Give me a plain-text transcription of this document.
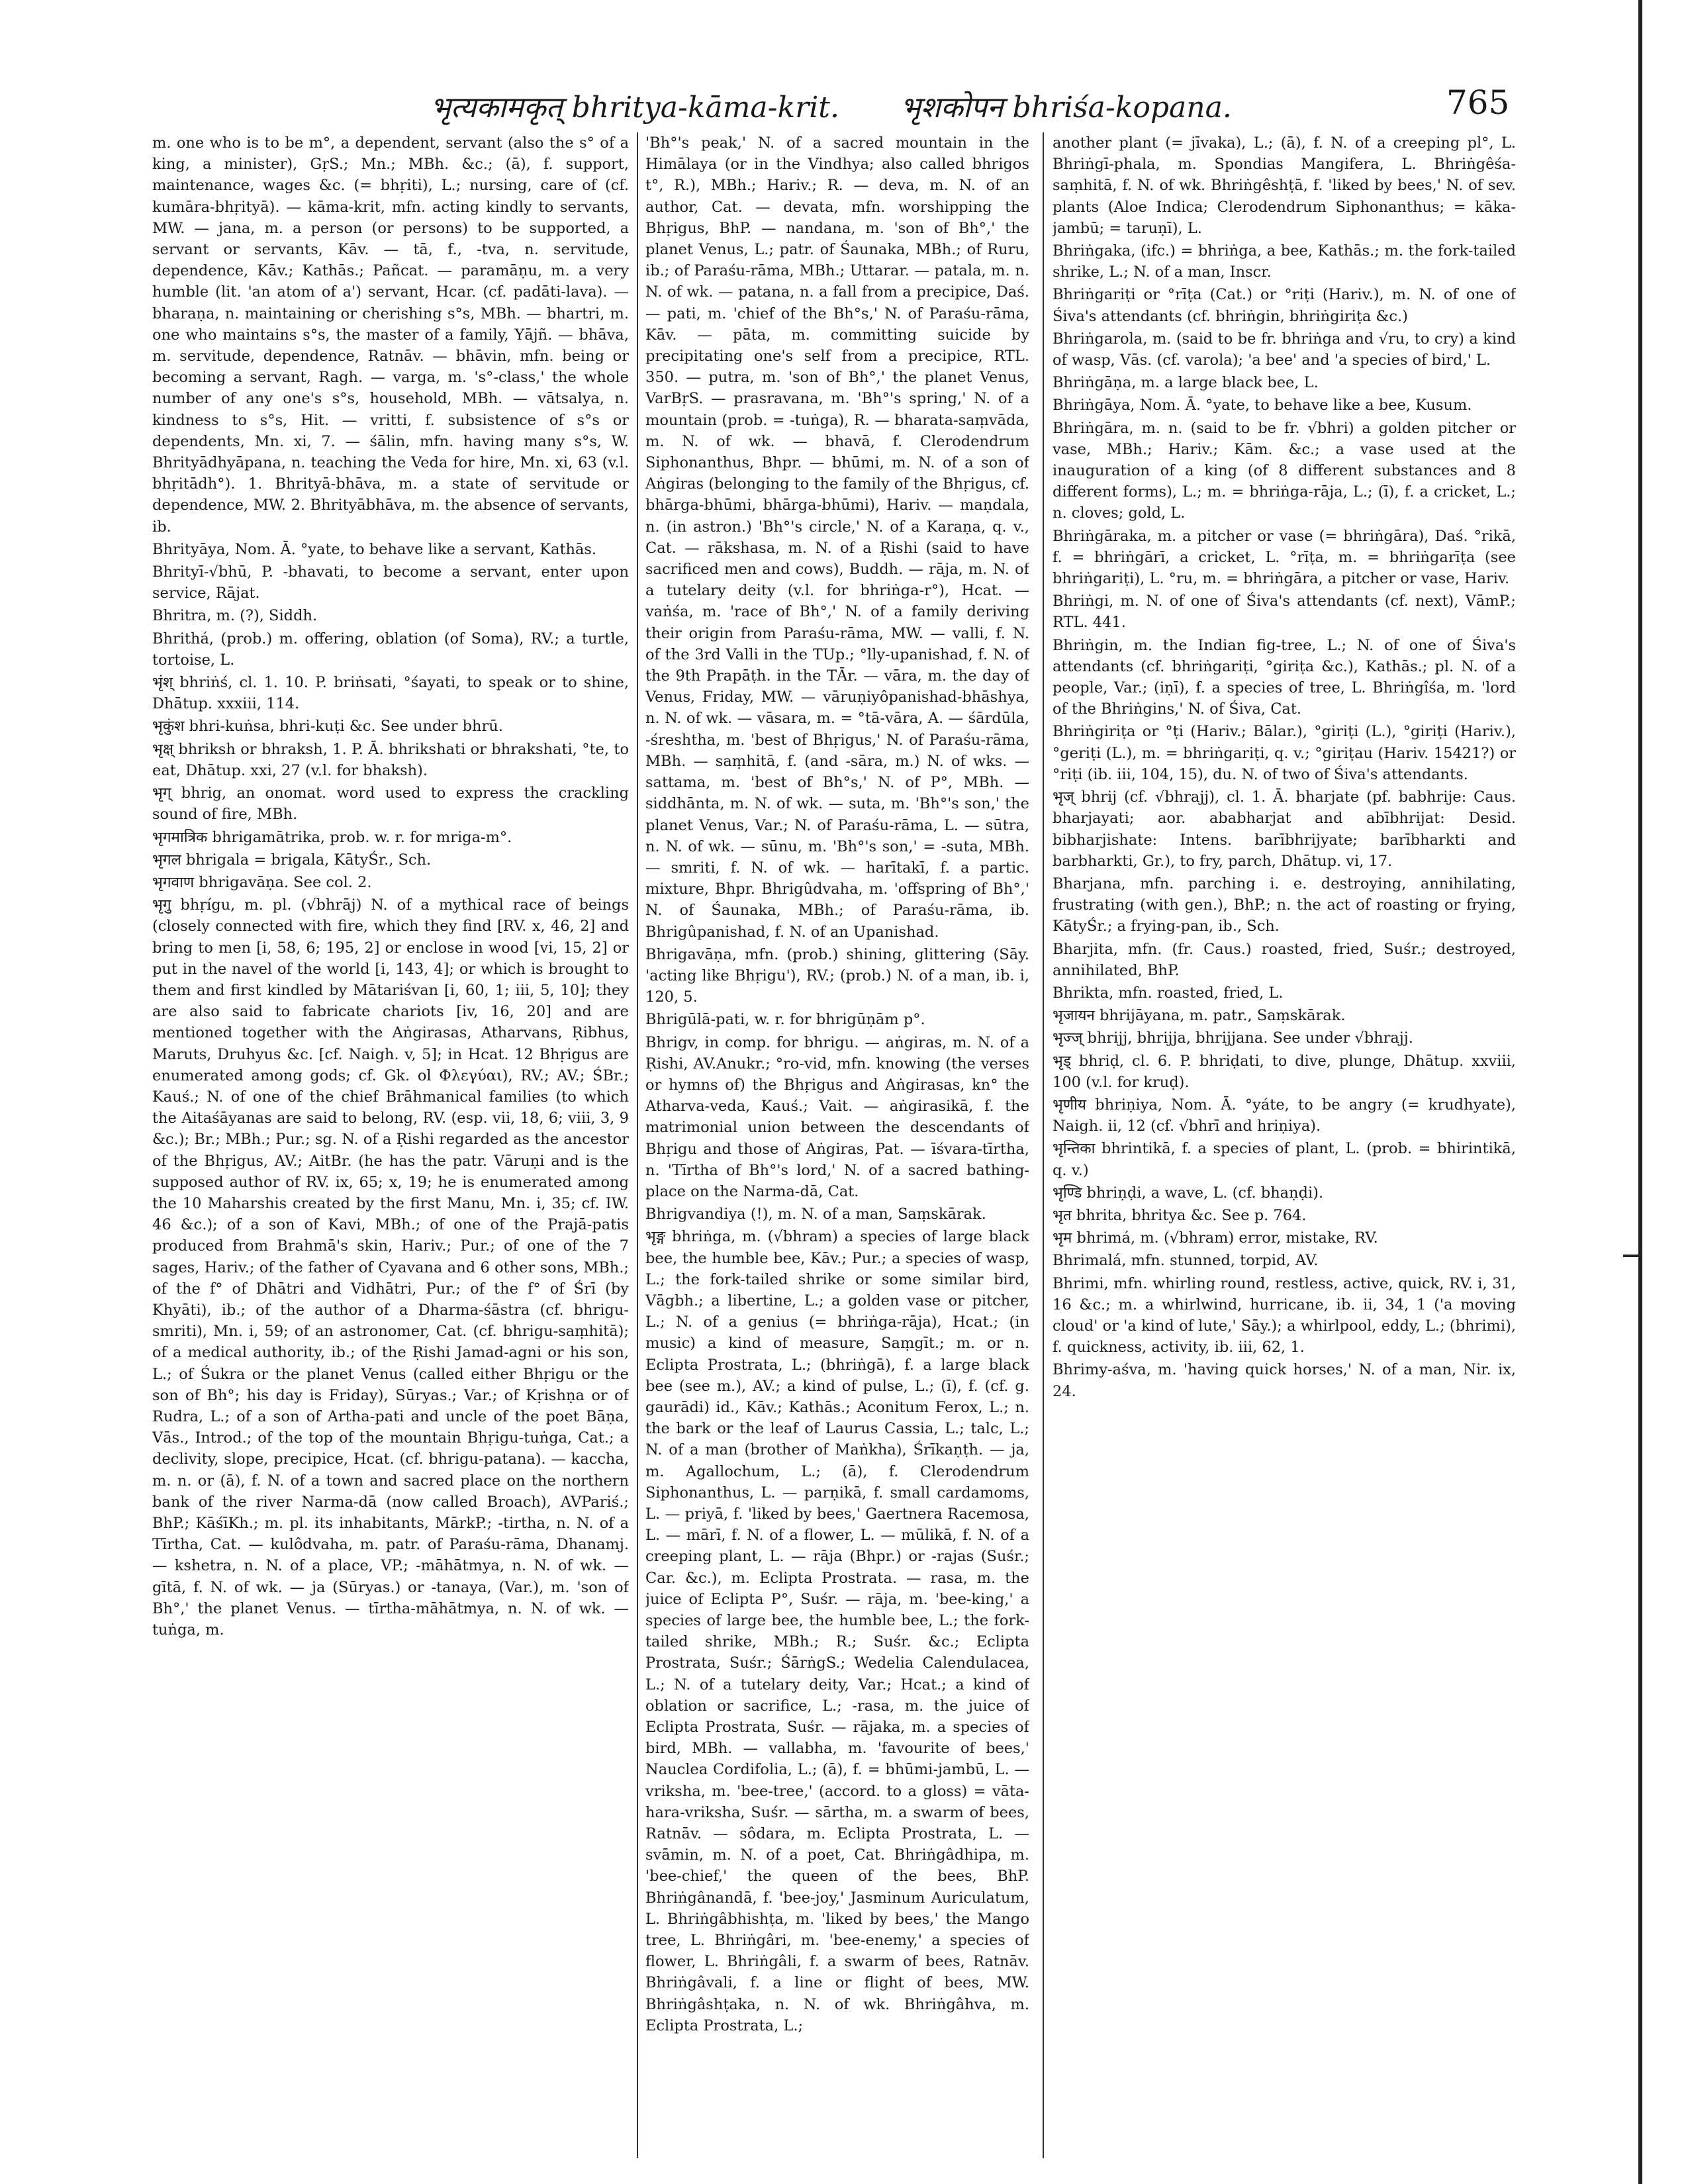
भृत्यकामकृत् bhritya-kāma-krit. भृशकोपन bhriśa-kopana.	765

m. one who is to be m°, a dependent, servant (also the s° of a king, a minister), GṛS.; Mn.; MBh. &c.; (ā), f. support, maintenance, wages &c. (= bhṛiti), L.; nursing, care of (cf. kumāra-bhṛityā). — kāma-krit, mfn. acting kindly to servants, MW. — jana, m. a person (or persons) to be supported, a servant or servants, Kāv. — tā, f., -tva, n. servitude, dependence, Kāv.; Kathās.; Pañcat. — paramāṇu, m. a very humble (lit. 'an atom of a') servant, Hcar. (cf. padāti-lava). — bharaṇa, n. maintaining or cherishing s°s, MBh. — bhartri, m. one who maintains s°s, the master of a family, Yājñ. — bhāva, m. servitude, dependence, Ratnāv. — bhāvin, mfn. being or becoming a servant, Ragh. — varga, m. 's°-class,' the whole number of any one's s°s, household, MBh. — vātsalya, n. kindness to s°s, Hit. — vritti, f. subsistence of s°s or dependents, Mn. xi, 7. — śālin, mfn. having many s°s, W. Bhrityādhyāpana, n. teaching the Veda for hire, Mn. xi, 63 (v.l. bhṛitādh°). 1. Bhrityā-bhāva, m. a state of servitude or dependence, MW. 2. Bhrityābhāva, m. the absence of servants, ib.

Bhrityāya, Nom. Ā. °yate, to behave like a servant, Kathās.

Bhrityī-√bhū, P. -bhavati, to become a servant, enter upon service, Rājat.

Bhritra, m. (?), Siddh.

Bhrithá, (prob.) m. offering, oblation (of Soma), RV.; a turtle, tortoise, L.

भृंश् bhriṅś, cl. 1. 10. P. briṅsati, °śayati, to speak or to shine, Dhātup. xxxiii, 114.

भृकुंश bhri-kuṅsa, bhri-kuṭi &c. See under bhrū.

भृक्ष् bhriksh or bhraksh, 1. P. Ā. bhrikshati or bhrakshati, °te, to eat, Dhātup. xxi, 27 (v.l. for bhaksh).

भृग् bhrig, an onomat. word used to express the crackling sound of fire, MBh.

भृगमात्रिक bhrigamātrika, prob. w. r. for mriga-m°.

भृगल bhrigala = brigala, KātyŚr., Sch.

भृगवाण bhrigavāṇa. See col. 2.

भृगु bhṛígu, m. pl. (√bhrāj) N. of a mythical race of beings (closely connected with fire, which they find [RV. x, 46, 2] and bring to men [i, 58, 6; 195, 2] or enclose in wood [vi, 15, 2] or put in the navel of the world [i, 143, 4]; or which is brought to them and first kindled by Mātariśvan [i, 60, 1; iii, 5, 10]; they are also said to fabricate chariots [iv, 16, 20] and are mentioned together with the Aṅgirasas, Atharvans, Ṛibhus, Maruts, Druhyus &c. [cf. Naigh. v, 5]; in Hcat. 12 Bhṛigus are enumerated among gods; cf. Gk. ol Φλεγύαι), RV.; AV.; ŚBr.; Kauś.; N. of one of the chief Brāhmanical families (to which the Aitaśāyanas are said to belong, RV. (esp. vii, 18, 6; viii, 3, 9 &c.); Br.; MBh.; Pur.; sg. N. of a Ṛishi regarded as the ancestor of the Bhṛigus, AV.; AitBr. (he has the patr. Vāruṇi and is the supposed author of RV. ix, 65; x, 19; he is enumerated among the 10 Maharshis created by the first Manu, Mn. i, 35; cf. IW. 46 &c.); of a son of Kavi, MBh.; of one of the Prajā-patis produced from Brahmā's skin, Hariv.; Pur.; of one of the 7 sages, Hariv.; of the father of Cyavana and 6 other sons, MBh.; of the f° of Dhātri and Vidhātri, Pur.; of the f° of Śrī (by Khyāti), ib.; of the author of a Dharma-śāstra (cf. bhrigu-smriti), Mn. i, 59; of an astronomer, Cat. (cf. bhrigu-saṃhitā); of a medical authority, ib.; of the Ṛishi Jamad-agni or his son, L.; of Śukra or the planet Venus (called either Bhṛigu or the son of Bh°; his day is Friday), Sūryas.; Var.; of Kṛishṇa or of Rudra, L.; of a son of Artha-pati and uncle of the poet Bāṇa, Vās., Introd.; of the top of the mountain Bhṛigu-tuṅga, Cat.; a declivity, slope, precipice, Hcat. (cf. bhrigu-patana). — kaccha, m. n. or (ā), f. N. of a town and sacred place on the northern bank of the river Narma-dā (now called Broach), AVPariś.; BhP.; KāśīKh.; m. pl. its inhabitants, MārkP.; -tirtha, n. N. of a Tīrtha, Cat. — kulôdvaha, m. patr. of Paraśu-rāma, Dhanamj. — kshetra, n. N. of a place, VP.; -māhātmya, n. N. of wk. — gītā, f. N. of wk. — ja (Sūryas.) or -tanaya, (Var.), m. 'son of Bh°,' the planet Venus. — tīrtha-māhātmya, n. N. of wk. — tuṅga, m.

'Bh°'s peak,' N. of a sacred mountain in the Himālaya (or in the Vindhya; also called bhrigos t°, R.), MBh.; Hariv.; R. — deva, m. N. of an author, Cat. — devata, mfn. worshipping the Bhṛigus, BhP. — nandana, m. 'son of Bh°,' the planet Venus, L.; patr. of Śaunaka, MBh.; of Ruru, ib.; of Paraśu-rāma, MBh.; Uttarar. — patala, m. n. N. of wk. — patana, n. a fall from a precipice, Daś. — pati, m. 'chief of the Bh°s,' N. of Paraśu-rāma, Kāv. — pāta, m. committing suicide by precipitating one's self from a precipice, RTL. 350. — putra, m. 'son of Bh°,' the planet Venus, VarBṛS. — prasravana, m. 'Bh°'s spring,' N. of a mountain (prob. = -tuṅga), R. — bharata-saṃvāda, m. N. of wk. — bhavā, f. Clerodendrum Siphonanthus, Bhpr. — bhūmi, m. N. of a son of Aṅgiras (belonging to the family of the Bhṛigus, cf. bhārga-bhūmi, bhārga-bhūmi), Hariv. — maṇdala, n. (in astron.) 'Bh°'s circle,' N. of a Karaṇa, q. v., Cat. — rākshasa, m. N. of a Ṛishi (said to have sacrificed men and cows), Buddh. — rāja, m. N. of a tutelary deity (v.l. for bhriṅga-r°), Hcat. — vaṅśa, m. 'race of Bh°,' N. of a family deriving their origin from Paraśu-rāma, MW. — valli, f. N. of the 3rd Valli in the TUp.; °lly-upanishad, f. N. of the 9th Prapāṭh. in the TĀr. — vāra, m. the day of Venus, Friday, MW. — vāruṇiyôpanishad-bhāshya, n. N. of wk. — vāsara, m. = °tā-vāra, A. — śārdūla, -śreshtha, m. 'best of Bhṛigus,' N. of Paraśu-rāma, MBh. — saṃhitā, f. (and -sāra, m.) N. of wks. — sattama, m. 'best of Bh°s,' N. of P°, MBh. — siddhānta, m. N. of wk. — suta, m. 'Bh°'s son,' the planet Venus, Var.; N. of Paraśu-rāma, L. — sūtra, n. N. of wk. — sūnu, m. 'Bh°'s son,' = -suta, MBh. — smriti, f. N. of wk. — harītakī, f. a partic. mixture, Bhpr. Bhrigûdvaha, m. 'offspring of Bh°,' N. of Śaunaka, MBh.; of Paraśu-rāma, ib. Bhrigûpanishad, f. N. of an Upanishad.

Bhrigavāṇa, mfn. (prob.) shining, glittering (Sāy. 'acting like Bhṛigu'), RV.; (prob.) N. of a man, ib. i, 120, 5.

Bhrigūlā-pati, w. r. for bhrigūṇām p°.

Bhrigv, in comp. for bhrigu. — aṅgiras, m. N. of a Ṛishi, AV.Anukr.; °ro-vid, mfn. knowing (the verses or hymns of) the Bhṛigus and Aṅgirasas, kn° the Atharva-veda, Kauś.; Vait. — aṅgirasikā, f. the matrimonial union between the descendants of Bhṛigu and those of Aṅgiras, Pat. — īśvara-tīrtha, n. 'Tīrtha of Bh°'s lord,' N. of a sacred bathing-place on the Narma-dā, Cat.

Bhrigvandiya (!), m. N. of a man, Saṃskārak.

भृङ्ग bhriṅga, m. (√bhram) a species of large black bee, the humble bee, Kāv.; Pur.; a species of wasp, L.; the fork-tailed shrike or some similar bird, Vāgbh.; a libertine, L.; a golden vase or pitcher, L.; N. of a genius (= bhriṅga-rāja), Hcat.; (in music) a kind of measure, Saṃgīt.; m. or n. Eclipta Prostrata, L.; (bhriṅgā), f. a large black bee (see m.), AV.; a kind of pulse, L.; (ī), f. (cf. g. gaurādi) id., Kāv.; Kathās.; Aconitum Ferox, L.; n. the bark or the leaf of Laurus Cassia, L.; talc, L.; N. of a man (brother of Maṅkha), Śrīkaṇṭh. — ja, m. Agallochum, L.; (ā), f. Clerodendrum Siphonanthus, L. — parṇikā, f. small cardamoms, L. — priyā, f. 'liked by bees,' Gaertnera Racemosa, L. — mārī, f. N. of a flower, L. — mūlikā, f. N. of a creeping plant, L. — rāja (Bhpr.) or -rajas (Suśr.; Car. &c.), m. Eclipta Prostrata. — rasa, m. the juice of Eclipta P°, Suśr. — rāja, m. 'bee-king,' a species of large bee, the humble bee, L.; the fork-tailed shrike, MBh.; R.; Suśr. &c.; Eclipta Prostrata, Suśr.; ŚārṅgS.; Wedelia Calendulacea, L.; N. of a tutelary deity, Var.; Hcat.; a kind of oblation or sacrifice, L.; -rasa, m. the juice of Eclipta Prostrata, Suśr. — rājaka, m. a species of bird, MBh. — vallabha, m. 'favourite of bees,' Nauclea Cordifolia, L.; (ā), f. = bhūmi-jambū, L. — vriksha, m. 'bee-tree,' (accord. to a gloss) = vāta-hara-vriksha, Suśr. — sārtha, m. a swarm of bees, Ratnāv. — sôdara, m. Eclipta Prostrata, L. — svāmin, m. N. of a poet, Cat. Bhriṅgâdhipa, m. 'bee-chief,' the queen of the bees, BhP. Bhriṅgânandā, f. 'bee-joy,' Jasminum Auriculatum, L. Bhriṅgâbhishṭa, m. 'liked by bees,' the Mango tree, L. Bhriṅgâri, m. 'bee-enemy,' a species of flower, L. Bhriṅgâli, f. a swarm of bees, Ratnāv. Bhriṅgâvali, f. a line or flight of bees, MW. Bhriṅgâshṭaka, n. N. of wk. Bhriṅgâhva, m. Eclipta Prostrata, L.;

another plant (= jīvaka), L.; (ā), f. N. of a creeping pl°, L. Bhriṅgī-phala, m. Spondias Mangifera, L. Bhriṅgêśa-saṃhitā, f. N. of wk. Bhriṅgêshṭā, f. 'liked by bees,' N. of sev. plants (Aloe Indica; Clerodendrum Siphonanthus; = kāka-jambū; = taruṇī), L.

Bhriṅgaka, (ifc.) = bhriṅga, a bee, Kathās.; m. the fork-tailed shrike, L.; N. of a man, Inscr.

Bhriṅgariṭi or °rīṭa (Cat.) or °riṭi (Hariv.), m. N. of one of Śiva's attendants (cf. bhriṅgin, bhriṅgiriṭa &c.)

Bhriṅgarola, m. (said to be fr. bhriṅga and √ru, to cry) a kind of wasp, Vās. (cf. varola); 'a bee' and 'a species of bird,' L.

Bhriṅgāṇa, m. a large black bee, L.

Bhriṅgāya, Nom. Ā. °yate, to behave like a bee, Kusum.

Bhriṅgāra, m. n. (said to be fr. √bhri) a golden pitcher or vase, MBh.; Hariv.; Kām. &c.; a vase used at the inauguration of a king (of 8 different substances and 8 different forms), L.; m. = bhriṅga-rāja, L.; (ī), f. a cricket, L.; n. cloves; gold, L.

Bhriṅgāraka, m. a pitcher or vase (= bhriṅgāra), Daś. °rikā, f. = bhriṅgārī, a cricket, L. °rīṭa, m. = bhriṅgarīṭa (see bhriṅgariṭi), L. °ru, m. = bhriṅgāra, a pitcher or vase, Hariv.

Bhriṅgi, m. N. of one of Śiva's attendants (cf. next), VāmP.; RTL. 441.

Bhriṅgin, m. the Indian fig-tree, L.; N. of one of Śiva's attendants (cf. bhriṅgariṭi, °giriṭa &c.), Kathās.; pl. N. of a people, Var.; (iṇī), f. a species of tree, L. Bhriṅgîśa, m. 'lord of the Bhriṅgins,' N. of Śiva, Cat.

Bhriṅgiriṭa or °ṭi (Hariv.; Bālar.), °giriṭi (L.), °giriṭi (Hariv.), °geriṭi (L.), m. = bhriṅgariṭi, q. v.; °giriṭau (Hariv. 15421?) or °riṭi (ib. iii, 104, 15), du. N. of two of Śiva's attendants.

भृज् bhrij (cf. √bhrajj), cl. 1. Ā. bharjate (pf. babhrije: Caus. bharjayati; aor. ababharjat and abībhrijat: Desid. bibharjishate: Intens. barībhrijyate; barībharkti and barbharkti, Gr.), to fry, parch, Dhātup. vi, 17.

Bharjana, mfn. parching i. e. destroying, annihilating, frustrating (with gen.), BhP.; n. the act of roasting or frying, KātyŚr.; a frying-pan, ib., Sch.

Bharjita, mfn. (fr. Caus.) roasted, fried, Suśr.; destroyed, annihilated, BhP.

Bhrikta, mfn. roasted, fried, L.

भृजायन bhrijāyana, m. patr., Saṃskārak.

भृज्ज् bhrijj, bhrijja, bhrijjana. See under √bhrajj.

भृड् bhriḍ, cl. 6. P. bhriḍati, to dive, plunge, Dhātup. xxviii, 100 (v.l. for kruḍ).

भृणीय bhriṇiya, Nom. Ā. °yáte, to be angry (= krudhyate), Naigh. ii, 12 (cf. √bhrī and hriṇiya).

भृन्तिका bhrintikā, f. a species of plant, L. (prob. = bhirintikā, q. v.)

भृण्डि bhriṇḍi, a wave, L. (cf. bhaṇḍi).

भृत bhrita, bhritya &c. See p. 764.

भृम bhrimá, m. (√bhram) error, mistake, RV.

Bhrimalá, mfn. stunned, torpid, AV.

Bhrimi, mfn. whirling round, restless, active, quick, RV. i, 31, 16 &c.; m. a whirlwind, hurricane, ib. ii, 34, 1 ('a moving cloud' or 'a kind of lute,' Sāy.); a whirlpool, eddy, L.; (bhrimi), f. quickness, activity, ib. iii, 62, 1.

Bhrimy-aśva, m. 'having quick horses,' N. of a man, Nir. ix, 24.
